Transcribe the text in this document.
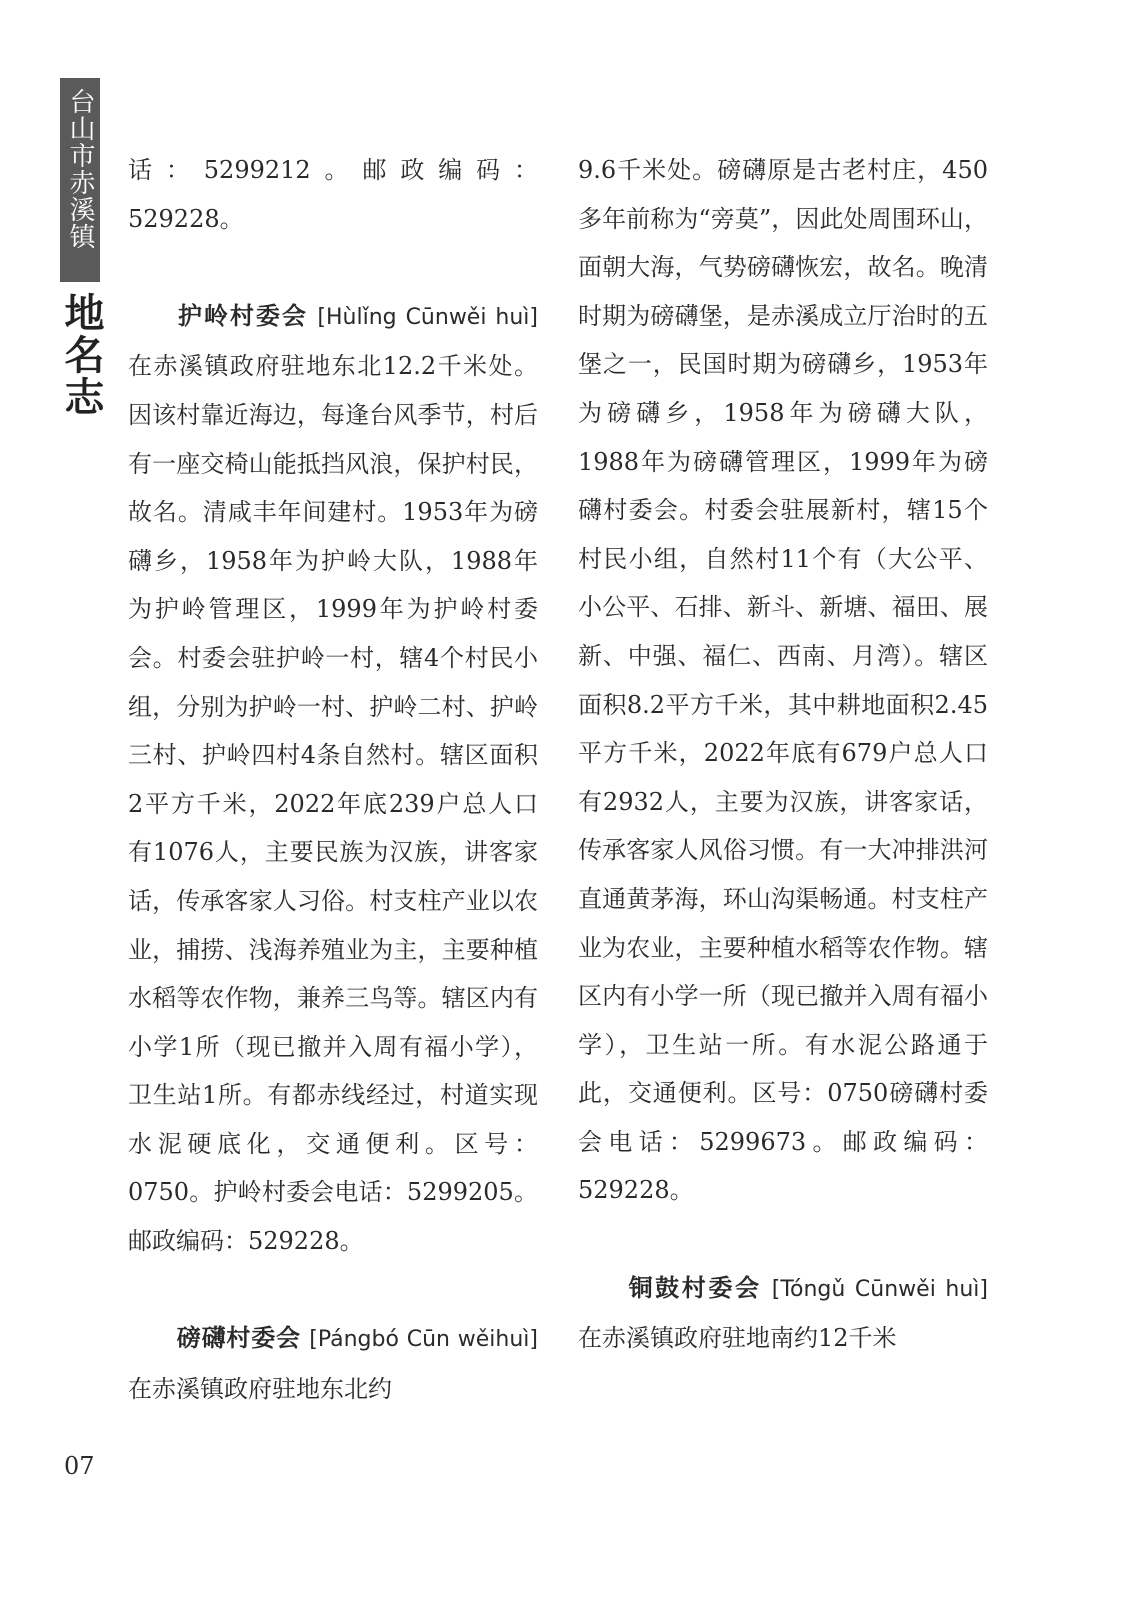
台山市赤溪镇
地名志

话：5299212。邮政编码：529228。

  护岭村委会 [Hùlǐng Cūnwěi huì] 在赤溪镇政府驻地东北12.2千米处。因该村靠近海边，每逢台风季节，村后有一座交椅山能抵挡风浪，保护村民，故名。清咸丰年间建村。1953年为磅礴乡，1958年为护岭大队，1988年为护岭管理区，1999年为护岭村委会。村委会驻护岭一村，辖4个村民小组，分别为护岭一村、护岭二村、护岭三村、护岭四村4条自然村。辖区面积2平方千米，2022年底239户总人口有1076人，主要民族为汉族，讲客家话，传承客家人习俗。村支柱产业以农业，捕捞、浅海养殖业为主，主要种植水稻等农作物，兼养三鸟等。辖区内有小学1所（现已撤并入周有福小学），卫生站1所。有都赤线经过，村道实现水泥硬底化，交通便利。区号：0750。护岭村委会电话：5299205。邮政编码：529228。

  磅礴村委会 [Pángbó Cūn wěihuì] 在赤溪镇政府驻地东北约

9.6千米处。磅礴原是古老村庄，450多年前称为“旁莫”，因此处周围环山，面朝大海，气势磅礴恢宏，故名。晚清时期为磅礴堡，是赤溪成立厅治时的五堡之一，民国时期为磅礴乡，1953年为磅礴乡，1958年为磅礴大队，1988年为磅礴管理区，1999年为磅礴村委会。村委会驻展新村，辖15个村民小组，自然村11个有（大公平、小公平、石排、新斗、新塘、福田、展新、中强、福仁、西南、月湾）。辖区面积8.2平方千米，其中耕地面积2.45平方千米，2022年底有679户总人口有2932人，主要为汉族，讲客家话，传承客家人风俗习惯。有一大冲排洪河直通黄茅海，环山沟渠畅通。村支柱产业为农业，主要种植水稻等农作物。辖区内有小学一所（现已撤并入周有福小学），卫生站一所。有水泥公路通于此，交通便利。区号：0750磅礴村委会电话：5299673。邮政编码：529228。

  铜鼓村委会 [Tóngǔ Cūnwěi huì] 在赤溪镇政府驻地南约12千米

07
